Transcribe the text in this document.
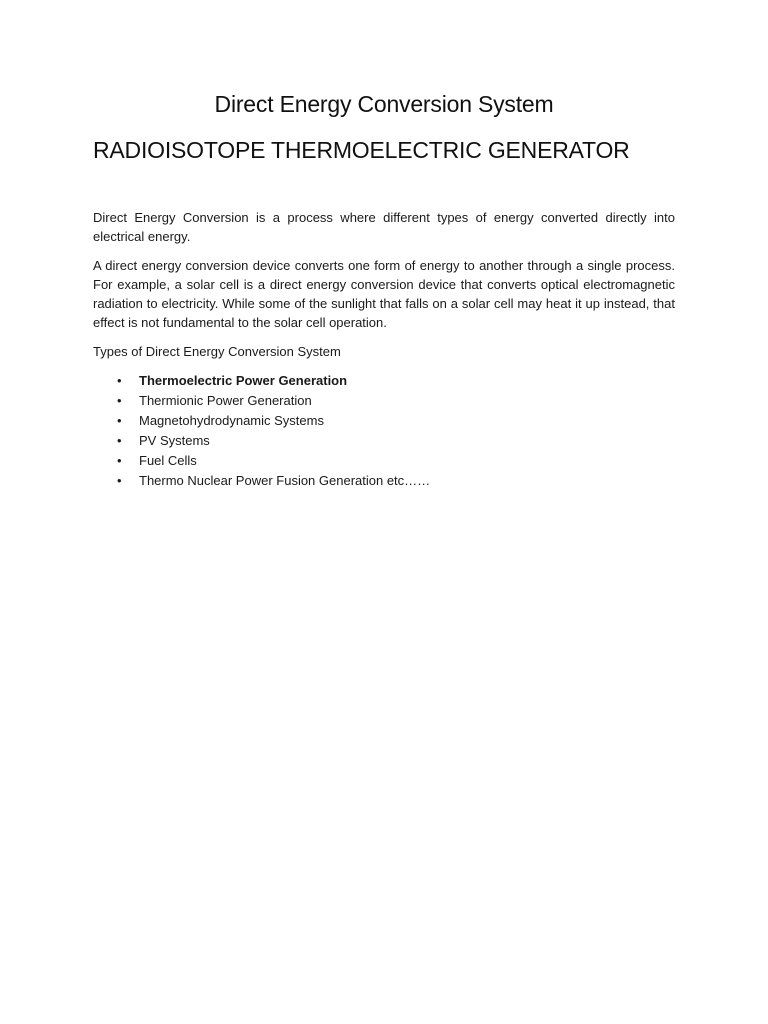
Direct Energy Conversion System
RADIOISOTOPE THERMOELECTRIC GENERATOR

Direct Energy Conversion is a process where different types of energy converted directly into electrical energy.

A direct energy conversion device converts one form of energy to another through a single process. For example, a solar cell is a direct energy conversion device that converts optical electromagnetic radiation to electricity. While some of the sunlight that falls on a solar cell may heat it up instead, that effect is not fundamental to the solar cell operation.

Types of Direct Energy Conversion System

• Thermoelectric Power Generation
• Thermionic Power Generation
• Magnetohydrodynamic Systems
• PV Systems
• Fuel Cells
• Thermo Nuclear Power Fusion Generation etc……
